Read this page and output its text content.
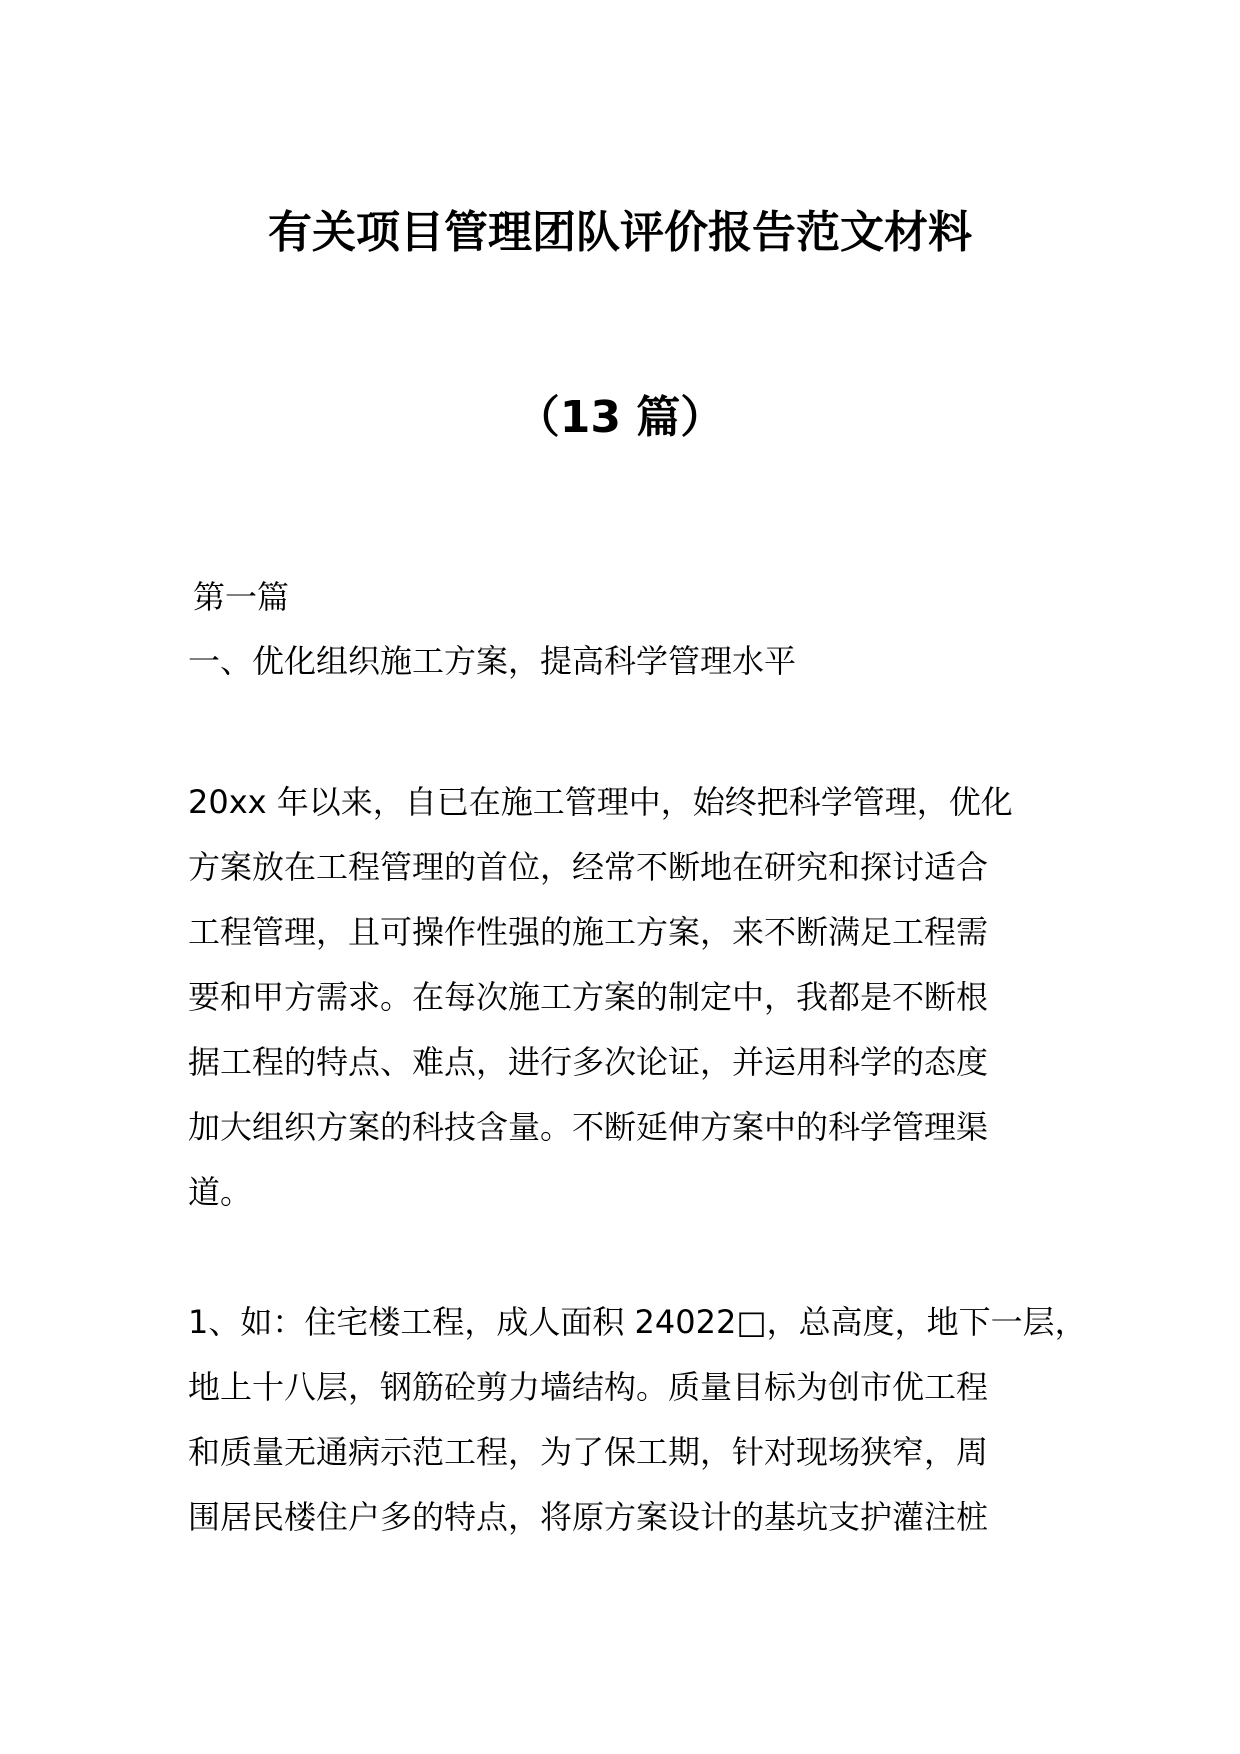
有关项目管理团队评价报告范文材料
（13 篇）
第一篇
一、优化组织施工方案，提高科学管理水平
20xx 年以来，自已在施工管理中，始终把科学管理，优化
方案放在工程管理的首位，经常不断地在研究和探讨适合
工程管理，且可操作性强的施工方案，来不断满足工程需
要和甲方需求。在每次施工方案的制定中，我都是不断根
据工程的特点、难点，进行多次论证，并运用科学的态度
加大组织方案的科技含量。不断延伸方案中的科学管理渠
道。
1、如：住宅楼工程，成人面积 24022□，总高度，地下一层，
地上十八层，钢筋砼剪力墙结构。质量目标为创市优工程
和质量无通病示范工程，为了保工期，针对现场狭窄，周
围居民楼住户多的特点，将原方案设计的基坑支护灌注桩
